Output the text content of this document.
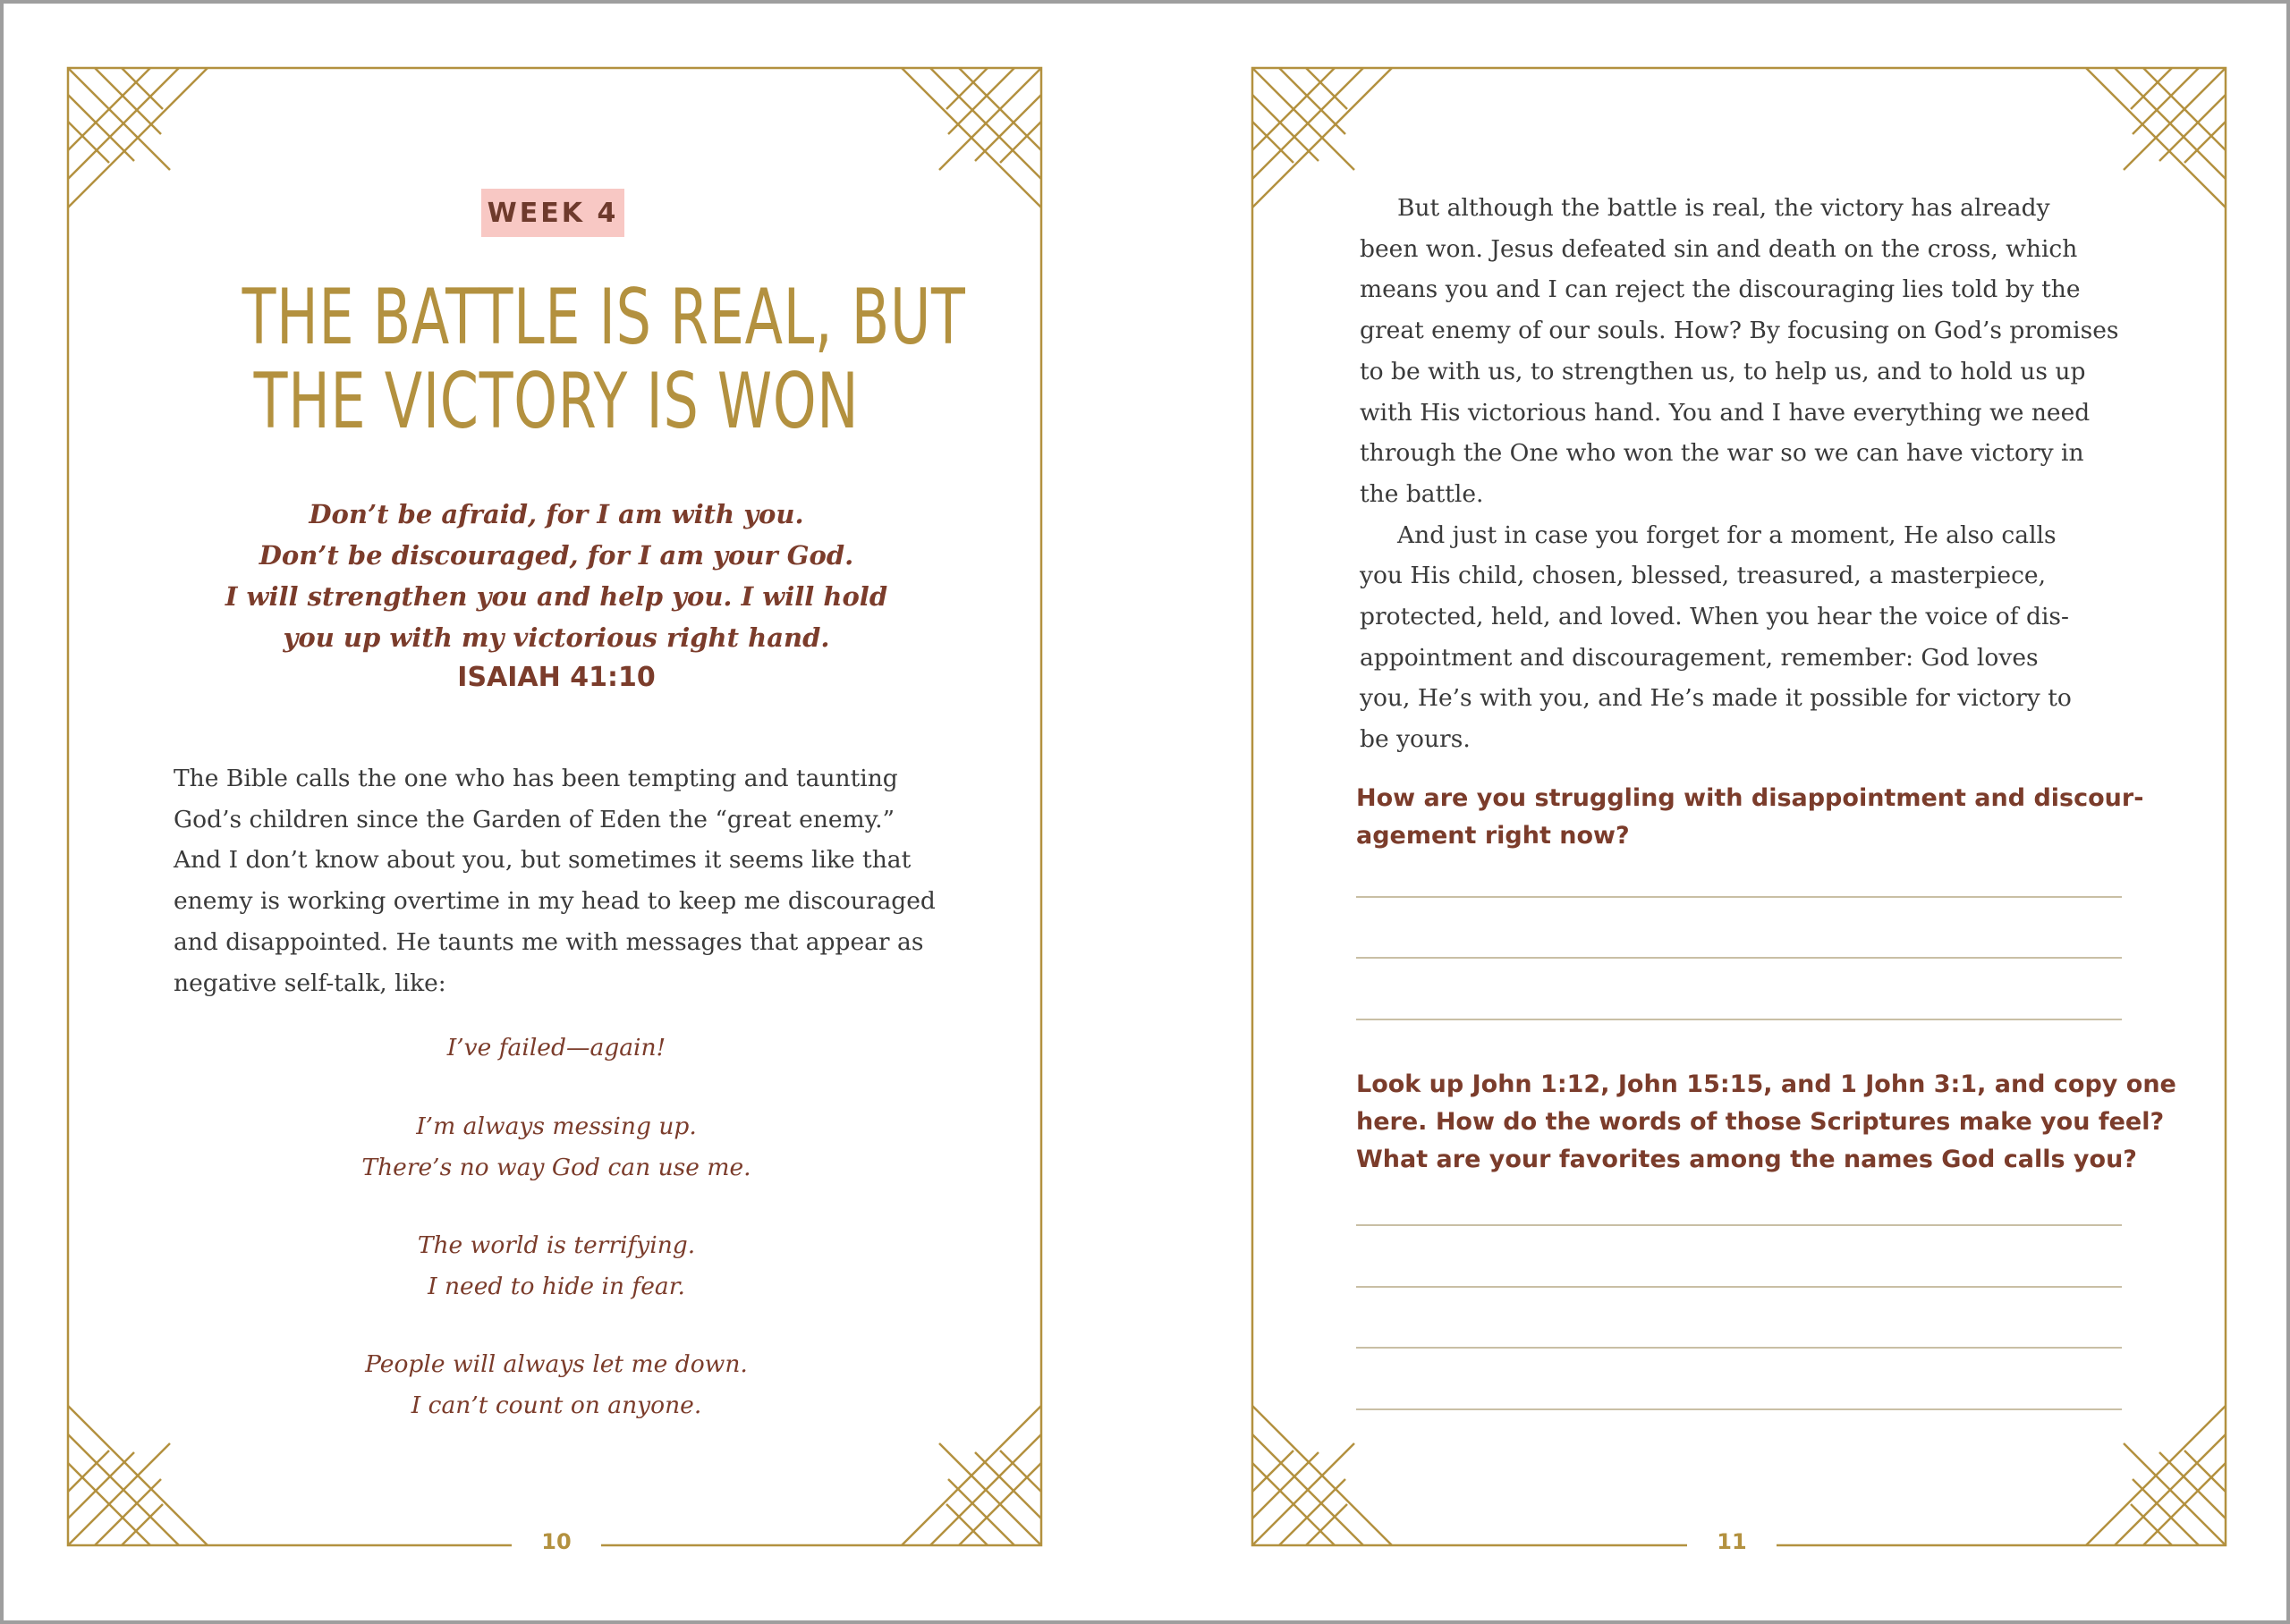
WEEK 4
THE BATTLE IS REAL, BUT
THE VICTORY IS WON
Don’t be afraid, for I am with you.
Don’t be discouraged, for I am your God.
I will strengthen you and help you. I will hold
you up with my victorious right hand.
ISAIAH 41:10
The Bible calls the one who has been tempting and taunting
God’s children since the Garden of Eden the “great enemy.”
And I don’t know about you, but sometimes it seems like that
enemy is working overtime in my head to keep me discouraged
and disappointed. He taunts me with messages that appear as
negative self-talk, like:
I’ve failed—again!
I’m always messing up.
There’s no way God can use me.
The world is terrifying.
I need to hide in fear.
People will always let me down.
I can’t count on anyone.
10
But although the battle is real, the victory has already
been won. Jesus defeated sin and death on the cross, which
means you and I can reject the discouraging lies told by the
great enemy of our souls. How? By focusing on God’s promises
to be with us, to strengthen us, to help us, and to hold us up
with His victorious hand. You and I have everything we need
through the One who won the war so we can have victory in
the battle.
And just in case you forget for a moment, He also calls
you His child, chosen, blessed, treasured, a masterpiece,
protected, held, and loved. When you hear the voice of dis-
appointment and discouragement, remember: God loves
you, He’s with you, and He’s made it possible for victory to
be yours.
How are you struggling with disappointment and discour-
agement right now?
Look up John 1:12, John 15:15, and 1 John 3:1, and copy one
here. How do the words of those Scriptures make you feel?
What are your favorites among the names God calls you?
11
